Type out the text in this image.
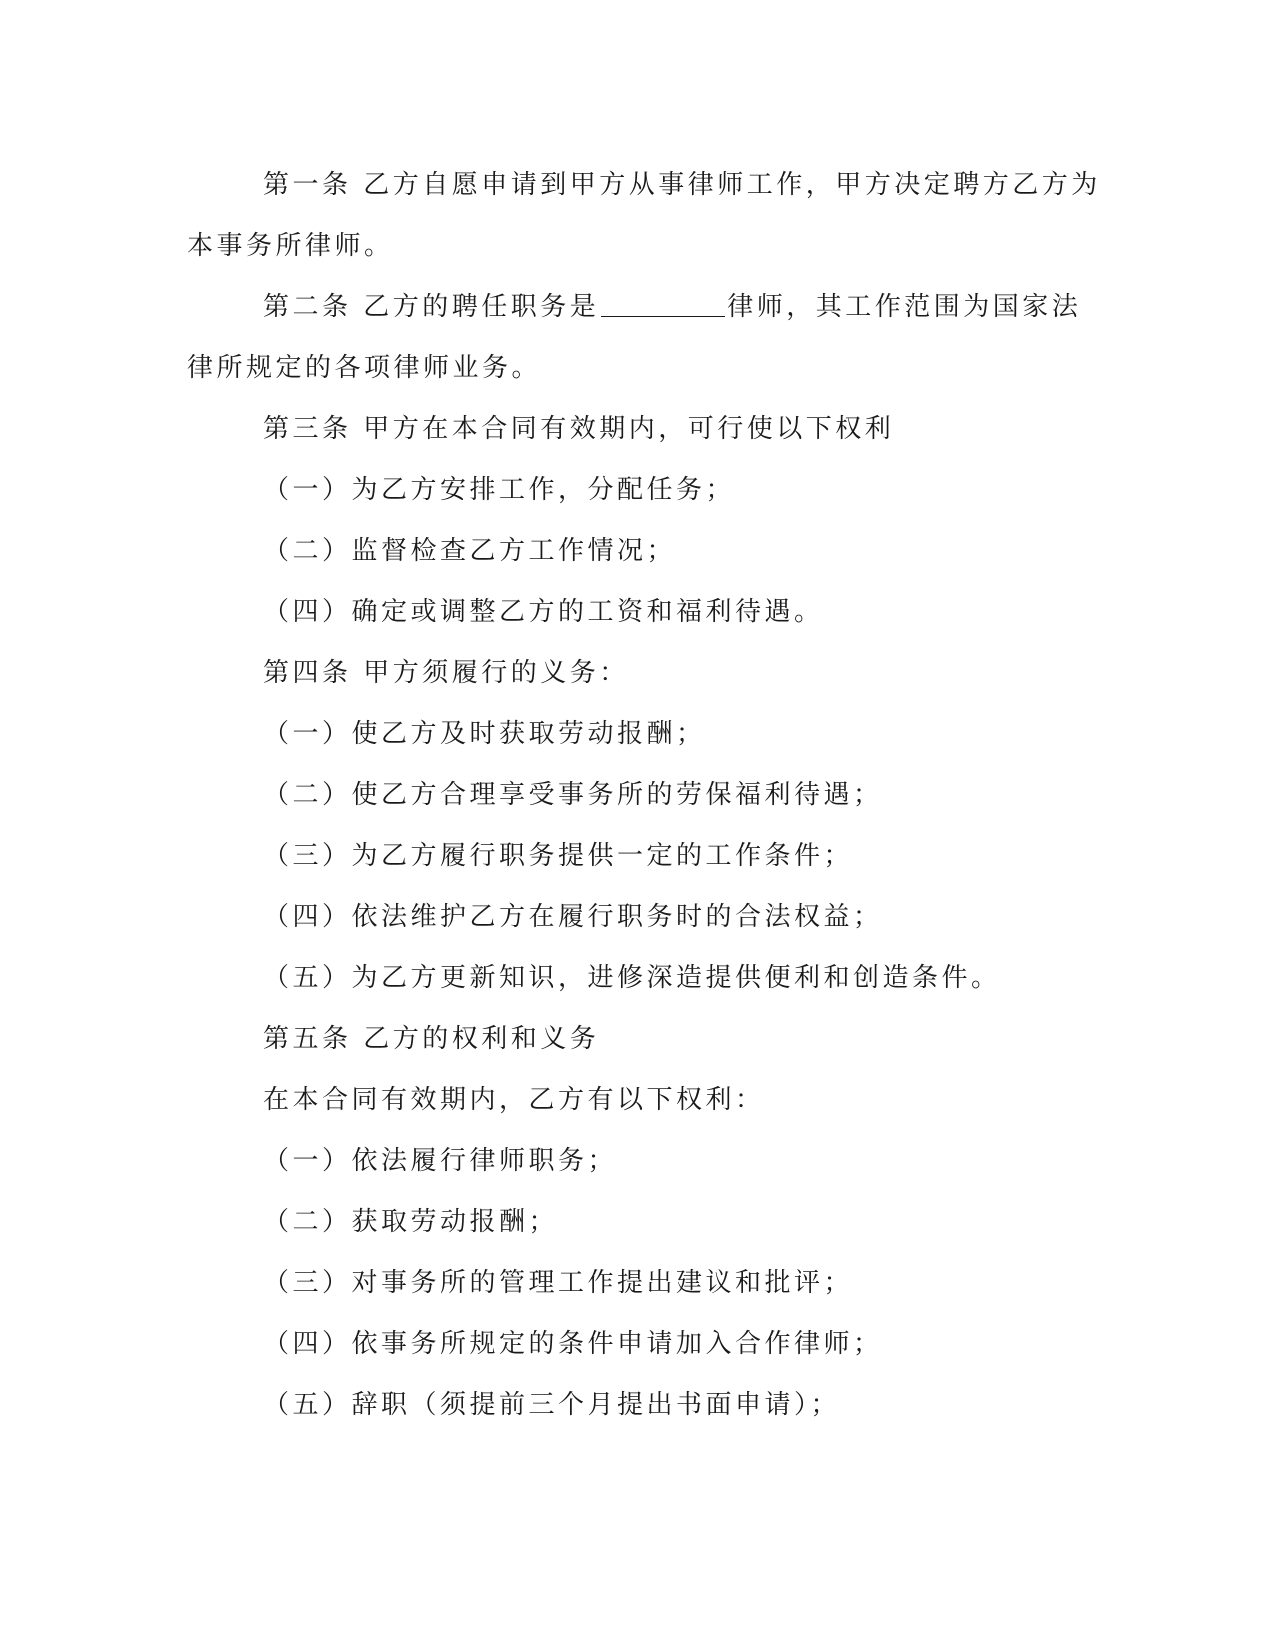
第一条 乙方自愿申请到甲方从事律师工作，甲方决定聘方乙方为

本事务所律师。

第二条 乙方的聘任职务是	律师，其工作范围为国家法

律所规定的各项律师业务。

第三条 甲方在本合同有效期内，可行使以下权利

（一）为乙方安排工作，分配任务；

（二）监督检查乙方工作情况；

（四）确定或调整乙方的工资和福利待遇。

第四条 甲方须履行的义务：

（一）使乙方及时获取劳动报酬；

（二）使乙方合理享受事务所的劳保福利待遇；

（三）为乙方履行职务提供一定的工作条件；

（四）依法维护乙方在履行职务时的合法权益；

（五）为乙方更新知识，进修深造提供便利和创造条件。

第五条 乙方的权利和义务

在本合同有效期内，乙方有以下权利：

（一）依法履行律师职务；

（二）获取劳动报酬；

（三）对事务所的管理工作提出建议和批评；

（四）依事务所规定的条件申请加入合作律师；

（五）辞职（须提前三个月提出书面申请）；
